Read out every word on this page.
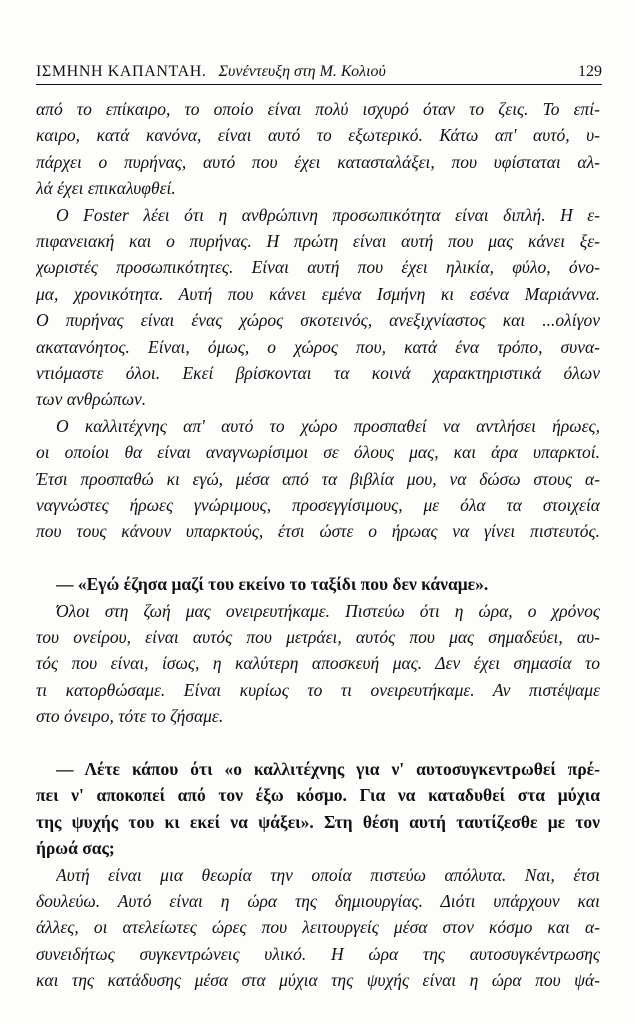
ΙΣΜΗΝΗ ΚΑΠΑΝΤΑΗ. Συνέντευξη στη Μ. Κολιού	129
από το επίκαιρο, το οποίο είναι πολύ ισχυρό όταν το ζεις. Το επί-
καιρο, κατά κανόνα, είναι αυτό το εξωτερικό. Κάτω απ' αυτό, υ-
πάρχει ο πυρήνας, αυτό που έχει κατασταλάξει, που υφίσταται αλ-
λά έχει επικαλυφθεί.
Ο Foster λέει ότι η ανθρώπινη προσωπικότητα είναι διπλή. Η ε-
πιφανειακή και ο πυρήνας. Η πρώτη είναι αυτή που μας κάνει ξε-
χωριστές προσωπικότητες. Είναι αυτή που έχει ηλικία, φύλο, όνο-
μα, χρονικότητα. Αυτή που κάνει εμένα Ισμήνη κι εσένα Μαριάννα.
Ο πυρήνας είναι ένας χώρος σκοτεινός, ανεξιχνίαστος και ...ολίγον
ακατανόητος. Είναι, όμως, ο χώρος που, κατά ένα τρόπο, συνα-
ντιόμαστε όλοι. Εκεί βρίσκονται τα κοινά χαρακτηριστικά όλων
των ανθρώπων.
Ο καλλιτέχνης απ' αυτό το χώρο προσπαθεί να αντλήσει ήρωες,
οι οποίοι θα είναι αναγνωρίσιμοι σε όλους μας, και άρα υπαρκτοί.
Έτσι προσπαθώ κι εγώ, μέσα από τα βιβλία μου, να δώσω στους α-
ναγνώστες ήρωες γνώριμους, προσεγγίσιμους, με όλα τα στοιχεία
που τους κάνουν υπαρκτούς, έτσι ώστε ο ήρωας να γίνει πιστευτός.
— «Εγώ έζησα μαζί του εκείνο το ταξίδι που δεν κάναμε».
Όλοι στη ζωή μας ονειρευτήκαμε. Πιστεύω ότι η ώρα, ο χρόνος
του ονείρου, είναι αυτός που μετράει, αυτός που μας σημαδεύει, αυ-
τός που είναι, ίσως, η καλύτερη αποσκευή μας. Δεν έχει σημασία το
τι κατορθώσαμε. Είναι κυρίως το τι ονειρευτήκαμε. Αν πιστέψαμε
στο όνειρο, τότε το ζήσαμε.
— Λέτε κάπου ότι «ο καλλιτέχνης για ν' αυτοσυγκεντρωθεί πρέ-
πει ν' αποκοπεί από τον έξω κόσμο. Για να καταδυθεί στα μύχια
της ψυχής του κι εκεί να ψάξει». Στη θέση αυτή ταυτίζεσθε με τον
ήρωά σας;
Αυτή είναι μια θεωρία την οποία πιστεύω απόλυτα. Ναι, έτσι
δουλεύω. Αυτό είναι η ώρα της δημιουργίας. Διότι υπάρχουν και
άλλες, οι ατελείωτες ώρες που λειτουργείς μέσα στον κόσμο και α-
συνειδήτως συγκεντρώνεις υλικό. Η ώρα της αυτοσυγκέντρωσης
και της κατάδυσης μέσα στα μύχια της ψυχής είναι η ώρα που ψά-
